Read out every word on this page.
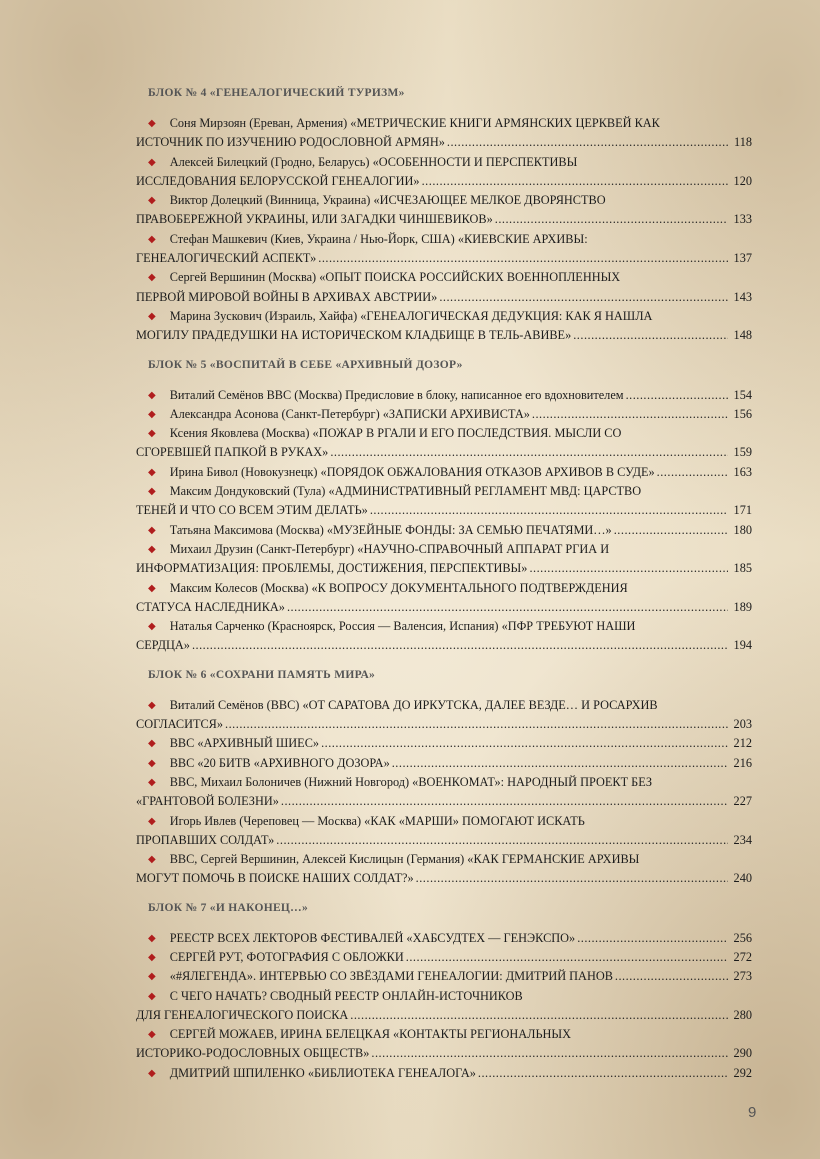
БЛОК № 4 «ГЕНЕАЛОГИЧЕСКИЙ ТУРИЗМ»
◆ Соня Мирзоян (Ереван, Армения) «МЕТРИЧЕСКИЕ КНИГИ АРМЯНСКИХ ЦЕРКВЕЙ КАК
ИСТОЧНИК ПО ИЗУЧЕНИЮ РОДОСЛОВНОЙ АРМЯН» .....	118
◆ Алексей Билецкий (Гродно, Беларусь) «ОСОБЕННОСТИ И ПЕРСПЕКТИВЫ
ИССЛЕДОВАНИЯ БЕЛОРУССКОЙ ГЕНЕАЛОГИИ» .....	120
◆ Виктор Долецкий (Винница, Украина) «ИСЧЕЗАЮЩЕЕ МЕЛКОЕ ДВОРЯНСТВО
ПРАВОБЕРЕЖНОЙ УКРАИНЫ, ИЛИ ЗАГАДКИ ЧИНШЕВИКОВ» .....	133
◆ Стефан Машкевич (Киев, Украина / Нью-Йорк, США) «КИЕВСКИЕ АРХИВЫ:
ГЕНЕАЛОГИЧЕСКИЙ АСПЕКТ» .....	137
◆ Сергей Вершинин (Москва) «ОПЫТ ПОИСКА РОССИЙСКИХ ВОЕННОПЛЕННЫХ
ПЕРВОЙ МИРОВОЙ ВОЙНЫ В АРХИВАХ АВСТРИИ» .....	143
◆ Марина Зускович (Израиль, Хайфа) «ГЕНЕАЛОГИЧЕСКАЯ ДЕДУКЦИЯ: КАК Я НАШЛА
МОГИЛУ ПРАДЕДУШКИ НА ИСТОРИЧЕСКОМ КЛАДБИЩЕ В ТЕЛЬ-АВИВЕ» .....	148
БЛОК № 5 «ВОСПИТАЙ В СЕБЕ «АРХИВНЫЙ ДОЗОР»
◆ Виталий Семёнов ВВС (Москва) Предисловие в блоку, написанное его вдохновителем .....	154
◆ Александра Асонова (Санкт-Петербург) «ЗАПИСКИ АРХИВИСТА» .....	156
◆ Ксения Яковлева (Москва) «ПОЖАР В РГАЛИ И ЕГО ПОСЛЕДСТВИЯ. МЫСЛИ СО
СГОРЕВШЕЙ ПАПКОЙ В РУКАХ» .....	159
◆ Ирина Бивол (Новокузнецк) «ПОРЯДОК ОБЖАЛОВАНИЯ ОТКАЗОВ АРХИВОВ В СУДЕ» .....	163
◆ Максим Дондуковский (Тула) «АДМИНИСТРАТИВНЫЙ РЕГЛАМЕНТ МВД: ЦАРСТВО
ТЕНЕЙ И ЧТО СО ВСЕМ ЭТИМ ДЕЛАТЬ» .....	171
◆ Татьяна Максимова (Москва) «МУЗЕЙНЫЕ ФОНДЫ: ЗА СЕМЬЮ ПЕЧАТЯМИ…» .....	180
◆ Михаил Друзин (Санкт-Петербург) «НАУЧНО-СПРАВОЧНЫЙ АППАРАТ РГИА И
ИНФОРМАТИЗАЦИЯ: ПРОБЛЕМЫ, ДОСТИЖЕНИЯ, ПЕРСПЕКТИВЫ» .....	185
◆ Максим Колесов (Москва) «К ВОПРОСУ ДОКУМЕНТАЛЬНОГО ПОДТВЕРЖДЕНИЯ
СТАТУСА НАСЛЕДНИКА» .....	189
◆ Наталья Сарченко (Красноярск, Россия — Валенсия, Испания) «ПФР ТРЕБУЮТ НАШИ
СЕРДЦА» .....	194
БЛОК № 6 «СОХРАНИ ПАМЯТЬ МИРА»
◆ Виталий Семёнов (ВВС) «ОТ САРАТОВА ДО ИРКУТСКА, ДАЛЕЕ ВЕЗДЕ… И РОСАРХИВ
СОГЛАСИТСЯ» .....	203
◆ ВВС «АРХИВНЫЙ ШИЕС» .....	212
◆ ВВС «20 БИТВ «АРХИВНОГО ДОЗОРА» .....	216
◆ ВВС, Михаил Болоничев (Нижний Новгород) «ВОЕНКОМАТ»: НАРОДНЫЙ ПРОЕКТ БЕЗ
«ГРАНТОВОЙ БОЛЕЗНИ» .....	227
◆ Игорь Ивлев (Череповец — Москва) «КАК «МАРШИ» ПОМОГАЮТ ИСКАТЬ
ПРОПАВШИХ СОЛДАТ» .....	234
◆ ВВС, Сергей Вершинин, Алексей Кислицын (Германия) «КАК ГЕРМАНСКИЕ АРХИВЫ
МОГУТ ПОМОЧЬ В ПОИСКЕ НАШИХ СОЛДАТ?» .....	240
БЛОК № 7 «И НАКОНЕЦ…»
◆ РЕЕСТР ВСЕХ ЛЕКТОРОВ ФЕСТИВАЛЕЙ «ХАБСУДТЕХ — ГЕНЭКСПО» .....	256
◆ СЕРГЕЙ РУТ, ФОТОГРАФИЯ С ОБЛОЖКИ .....	272
◆ «#ЯЛЕГЕНДА». ИНТЕРВЬЮ СО ЗВЁЗДАМИ ГЕНЕАЛОГИИ: ДМИТРИЙ ПАНОВ .....	273
◆ С ЧЕГО НАЧАТЬ? СВОДНЫЙ РЕЕСТР ОНЛАЙН-ИСТОЧНИКОВ
ДЛЯ ГЕНЕАЛОГИЧЕСКОГО ПОИСКА .....	280
◆ СЕРГЕЙ МОЖАЕВ, ИРИНА БЕЛЕЦКАЯ «КОНТАКТЫ РЕГИОНАЛЬНЫХ
ИСТОРИКО-РОДОСЛОВНЫХ ОБЩЕСТВ» .....	290
◆ ДМИТРИЙ ШПИЛЕНКО «БИБЛИОТЕКА ГЕНЕАЛОГА» .....	292
9
